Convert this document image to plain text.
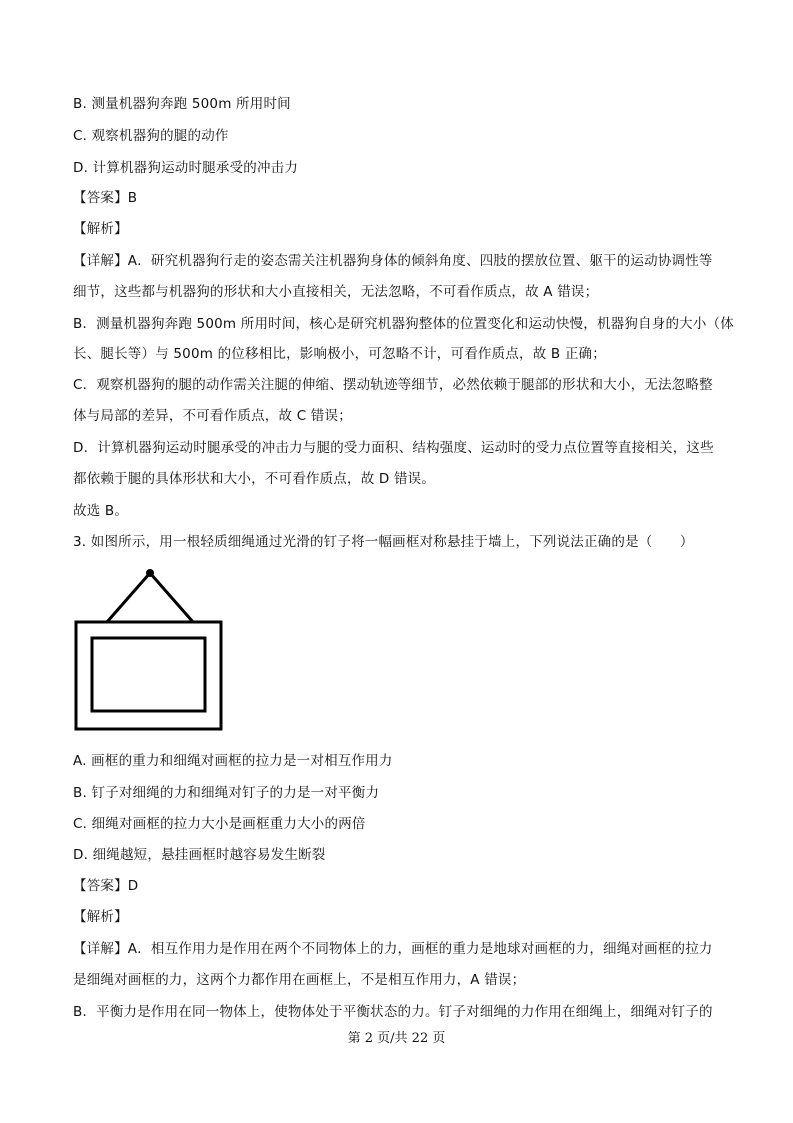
B. 测量机器狗奔跑 500m 所用时间
C. 观察机器狗的腿的动作
D. 计算机器狗运动时腿承受的冲击力
【答案】B
【解析】
【详解】A．研究机器狗行走的姿态需关注机器狗身体的倾斜角度、四肢的摆放位置、躯干的运动协调性等
细节，这些都与机器狗的形状和大小直接相关，无法忽略，不可看作质点，故 A 错误；
B．测量机器狗奔跑 500m 所用时间，核心是研究机器狗整体的位置变化和运动快慢，机器狗自身的大小（体
长、腿长等）与 500m 的位移相比，影响极小，可忽略不计，可看作质点，故 B 正确；
C．观察机器狗的腿的动作需关注腿的伸缩、摆动轨迹等细节，必然依赖于腿部的形状和大小，无法忽略整
体与局部的差异，不可看作质点，故 C 错误；
D．计算机器狗运动时腿承受的冲击力与腿的受力面积、结构强度、运动时的受力点位置等直接相关，这些
都依赖于腿的具体形状和大小，不可看作质点，故 D 错误。
故选 B。
3. 如图所示，用一根轻质细绳通过光滑的钉子将一幅画框对称悬挂于墙上，下列说法正确的是（　　）
A. 画框的重力和细绳对画框的拉力是一对相互作用力
B. 钉子对细绳的力和细绳对钉子的力是一对平衡力
C. 细绳对画框的拉力大小是画框重力大小的两倍
D. 细绳越短，悬挂画框时越容易发生断裂
【答案】D
【解析】
【详解】A．相互作用力是作用在两个不同物体上的力，画框的重力是地球对画框的力，细绳对画框的拉力
是细绳对画框的力，这两个力都作用在画框上，不是相互作用力，A 错误；
B．平衡力是作用在同一物体上，使物体处于平衡状态的力。钉子对细绳的力作用在细绳上，细绳对钉子的
第 2 页/共 22 页
